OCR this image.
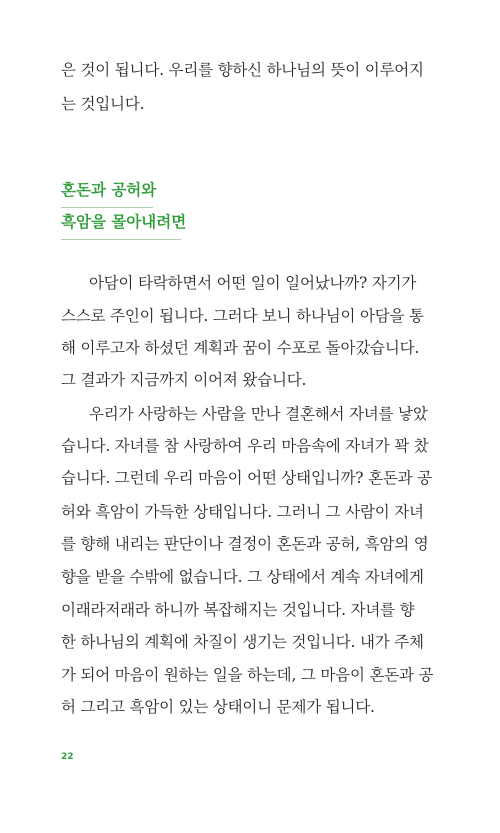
은 것이 됩니다. 우리를 향하신 하나님의 뜻이 이루어지
는 것입니다.
혼돈과 공허와
흑암을 몰아내려면
아담이 타락하면서 어떤 일이 일어났나까? 자기가
스스로 주인이 됩니다. 그러다 보니 하나님이 아담을 통
해 이루고자 하셨던 계획과 꿈이 수포로 돌아갔습니다.
그 결과가 지금까지 이어져 왔습니다.
우리가 사랑하는 사람을 만나 결혼해서 자녀를 낳았
습니다. 자녀를 참 사랑하여 우리 마음속에 자녀가 꽉 찼
습니다. 그런데 우리 마음이 어떤 상태입니까? 혼돈과 공
허와 흑암이 가득한 상태입니다. 그러니 그 사람이 자녀
를 향해 내리는 판단이나 결정이 혼돈과 공허, 흑암의 영
향을 받을 수밖에 없습니다. 그 상태에서 계속 자녀에게
이래라저래라 하니까 복잡해지는 것입니다. 자녀를 향
한 하나님의 계획에 차질이 생기는 것입니다. 내가 주체
가 되어 마음이 원하는 일을 하는데, 그 마음이 혼돈과 공
허 그리고 흑암이 있는 상태이니 문제가 됩니다.
22
